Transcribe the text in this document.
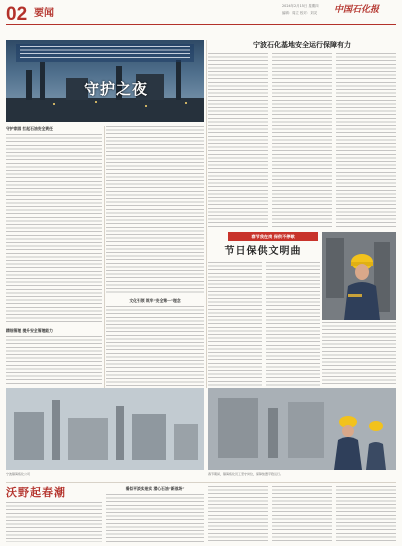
02 要闻
2024年2月15日 星期四
编辑：周立 校对：刘灵 中国石化报
守护之夜
宁波石化基地安全运行保障有力
守护家园 扛起石油安全责任
文化引领 筑牢“安全第一”理念
精细管理 提升安全管理能力
春节我在岗 保供不停歇
节日保供文明曲
春节期间，镇海炼化员工坚守岗位，保障装置平稳运行。
宁波镇海炼化公司
沃野起春潮	看似平淡实是实 潜心石油“新战场”
